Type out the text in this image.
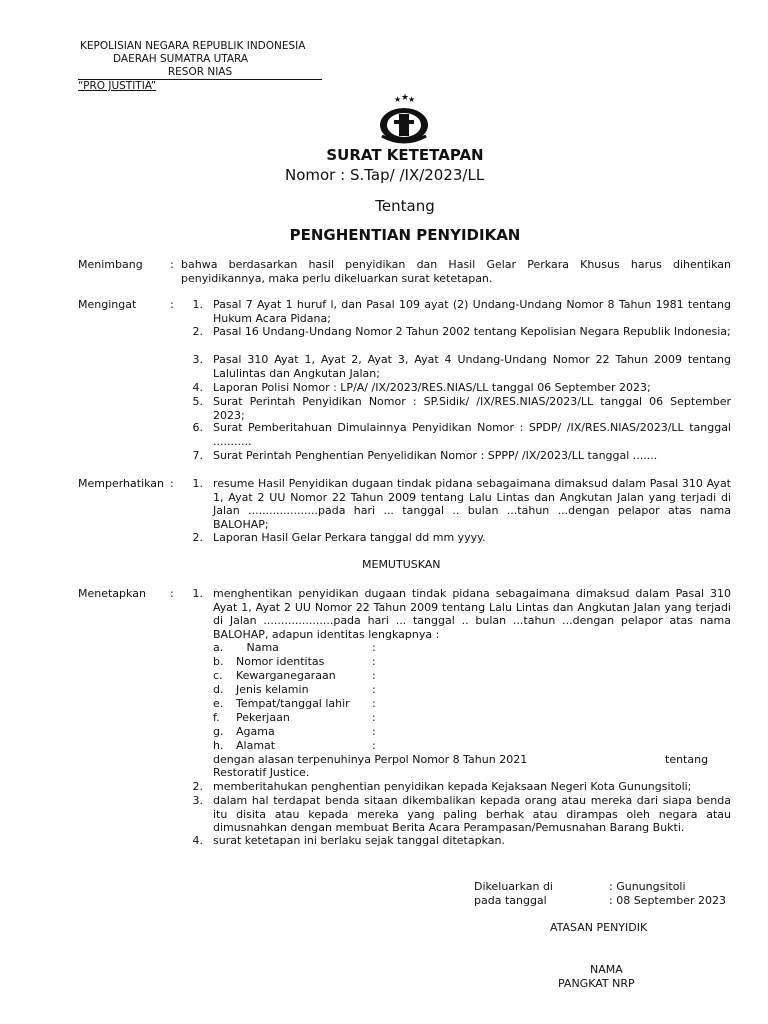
KEPOLISIAN NEGARA REPUBLIK INDONESIA
DAERAH SUMATRA UTARA
RESOR NIAS
“PRO JUSTITIA”
★ ★
★
SURAT KETETAPAN
Nomor : S.Tap/ /IX/2023/LL
Tentang
PENGHENTIAN PENYIDIKAN
Menimbang : bahwa berdasarkan hasil penyidikan dan Hasil Gelar Perkara Khusus harus dihentikan penyidikannya, maka perlu dikeluarkan surat ketetapan.
Mengingat	:	1. Pasal 7 Ayat 1 huruf l, dan Pasal 109 ayat (2) Undang-Undang Nomor 8 Tahun 1981 tentang Hukum Acara Pidana;
2. Pasal 16 Undang-Undang Nomor 2 Tahun 2002 tentang Kepolisian Negara Republik Indonesia;
3. Pasal 310 Ayat 1, Ayat 2, Ayat 3, Ayat 4 Undang-Undang Nomor 22 Tahun 2009 tentang Lalulintas dan Angkutan Jalan;
4. Laporan Polisi Nomor : LP/A/ /IX/2023/RES.NIAS/LL tanggal 06 September 2023;
5. Surat Perintah Penyidikan Nomor : SP.Sidik/ /IX/RES.NIAS/2023/LL tanggal 06 September 2023;
6. Surat Pemberitahuan Dimulainnya Penyidikan Nomor : SPDP/ /IX/RES.NIAS/2023/LL tanggal ...........
7. Surat Perintah Penghentian Penyelidikan Nomor : SPPP/ /IX/2023/LL tanggal .......
Memperhatikan :	1. resume Hasil Penyidikan dugaan tindak pidana sebagaimana dimaksud dalam Pasal 310 Ayat 1, Ayat 2 UU Nomor 22 Tahun 2009 tentang Lalu Lintas dan Angkutan Jalan yang terjadi di Jalan ....................pada hari ... tanggal .. bulan ...tahun ...dengan pelapor atas nama BALOHAP;
2. Laporan Hasil Gelar Perkara tanggal dd mm yyyy.
MEMUTUSKAN
Menetapkan :	1. menghentikan penyidikan dugaan tindak pidana sebagaimana dimaksud dalam Pasal 310 Ayat 1, Ayat 2 UU Nomor 22 Tahun 2009 tentang Lalu Lintas dan Angkutan Jalan yang terjadi di Jalan ....................pada hari ... tanggal .. bulan ...tahun ...dengan pelapor atas nama BALOHAP, adapun identitas lengkapnya :
a. Nama	:
b. Nomor identitas	:
c. Kewarganegaraan	:
d. Jenis kelamin	:
e. Tempat/tanggal lahir :
f. Pekerjaan	:
g. Agama	:
h. Alamat	:
dengan alasan terpenuhinya Perpol Nomor 8 Tahun 2021	tentang
Restoratif Justice.
2. memberitahukan penghentian penyidikan kepada Kejaksaan Negeri Kota Gunungsitoli;
3. dalam hal terdapat benda sitaan dikembalikan kepada orang atau mereka dari siapa benda itu disita atau kepada mereka yang paling berhak atau dirampas oleh negara atau dimusnahkan dengan membuat Berita Acara Perampasan/Pemusnahan Barang Bukti.
4. surat ketetapan ini berlaku sejak tanggal ditetapkan.
Dikeluarkan di	: Gunungsitoli
pada tanggal	: 08 September 2023
ATASAN PENYIDIK
NAMA
PANGKAT NRP
